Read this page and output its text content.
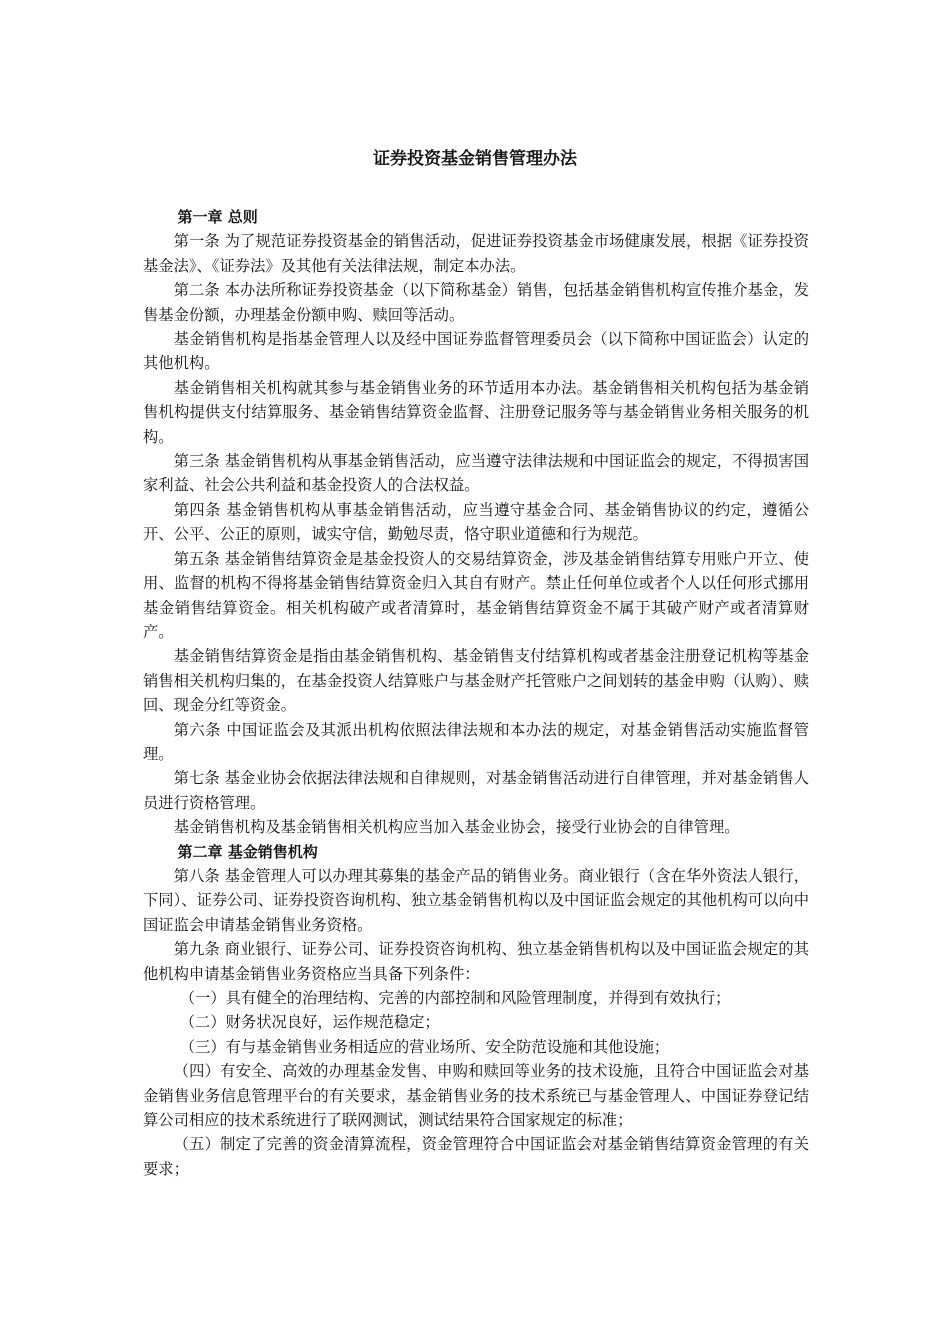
证券投资基金销售管理办法

第一章 总则

第一条 为了规范证券投资基金的销售活动，促进证券投资基金市场健康发展，根据《证券投资基金法》、《证券法》及其他有关法律法规，制定本办法。

第二条 本办法所称证券投资基金（以下简称基金）销售，包括基金销售机构宣传推介基金，发售基金份额，办理基金份额申购、赎回等活动。

基金销售机构是指基金管理人以及经中国证券监督管理委员会（以下简称中国证监会）认定的其他机构。

基金销售相关机构就其参与基金销售业务的环节适用本办法。基金销售相关机构包括为基金销售机构提供支付结算服务、基金销售结算资金监督、注册登记服务等与基金销售业务相关服务的机构。

第三条 基金销售机构从事基金销售活动，应当遵守法律法规和中国证监会的规定，不得损害国家利益、社会公共利益和基金投资人的合法权益。

第四条 基金销售机构从事基金销售活动，应当遵守基金合同、基金销售协议的约定，遵循公开、公平、公正的原则，诚实守信，勤勉尽责，恪守职业道德和行为规范。

第五条 基金销售结算资金是基金投资人的交易结算资金，涉及基金销售结算专用账户开立、使用、监督的机构不得将基金销售结算资金归入其自有财产。禁止任何单位或者个人以任何形式挪用基金销售结算资金。相关机构破产或者清算时，基金销售结算资金不属于其破产财产或者清算财产。

基金销售结算资金是指由基金销售机构、基金销售支付结算机构或者基金注册登记机构等基金销售相关机构归集的，在基金投资人结算账户与基金财产托管账户之间划转的基金申购（认购）、赎回、现金分红等资金。

第六条 中国证监会及其派出机构依照法律法规和本办法的规定，对基金销售活动实施监督管理。

第七条 基金业协会依据法律法规和自律规则，对基金销售活动进行自律管理，并对基金销售人员进行资格管理。

基金销售机构及基金销售相关机构应当加入基金业协会，接受行业协会的自律管理。

第二章 基金销售机构

第八条 基金管理人可以办理其募集的基金产品的销售业务。商业银行（含在华外资法人银行，下同）、证券公司、证券投资咨询机构、独立基金销售机构以及中国证监会规定的其他机构可以向中国证监会申请基金销售业务资格。

第九条 商业银行、证券公司、证券投资咨询机构、独立基金销售机构以及中国证监会规定的其他机构申请基金销售业务资格应当具备下列条件：

（一）具有健全的治理结构、完善的内部控制和风险管理制度，并得到有效执行；

（二）财务状况良好，运作规范稳定；

（三）有与基金销售业务相适应的营业场所、安全防范设施和其他设施；

（四）有安全、高效的办理基金发售、申购和赎回等业务的技术设施，且符合中国证监会对基金销售业务信息管理平台的有关要求，基金销售业务的技术系统已与基金管理人、中国证券登记结算公司相应的技术系统进行了联网测试，测试结果符合国家规定的标准；

（五）制定了完善的资金清算流程，资金管理符合中国证监会对基金销售结算资金管理的有关要求；
